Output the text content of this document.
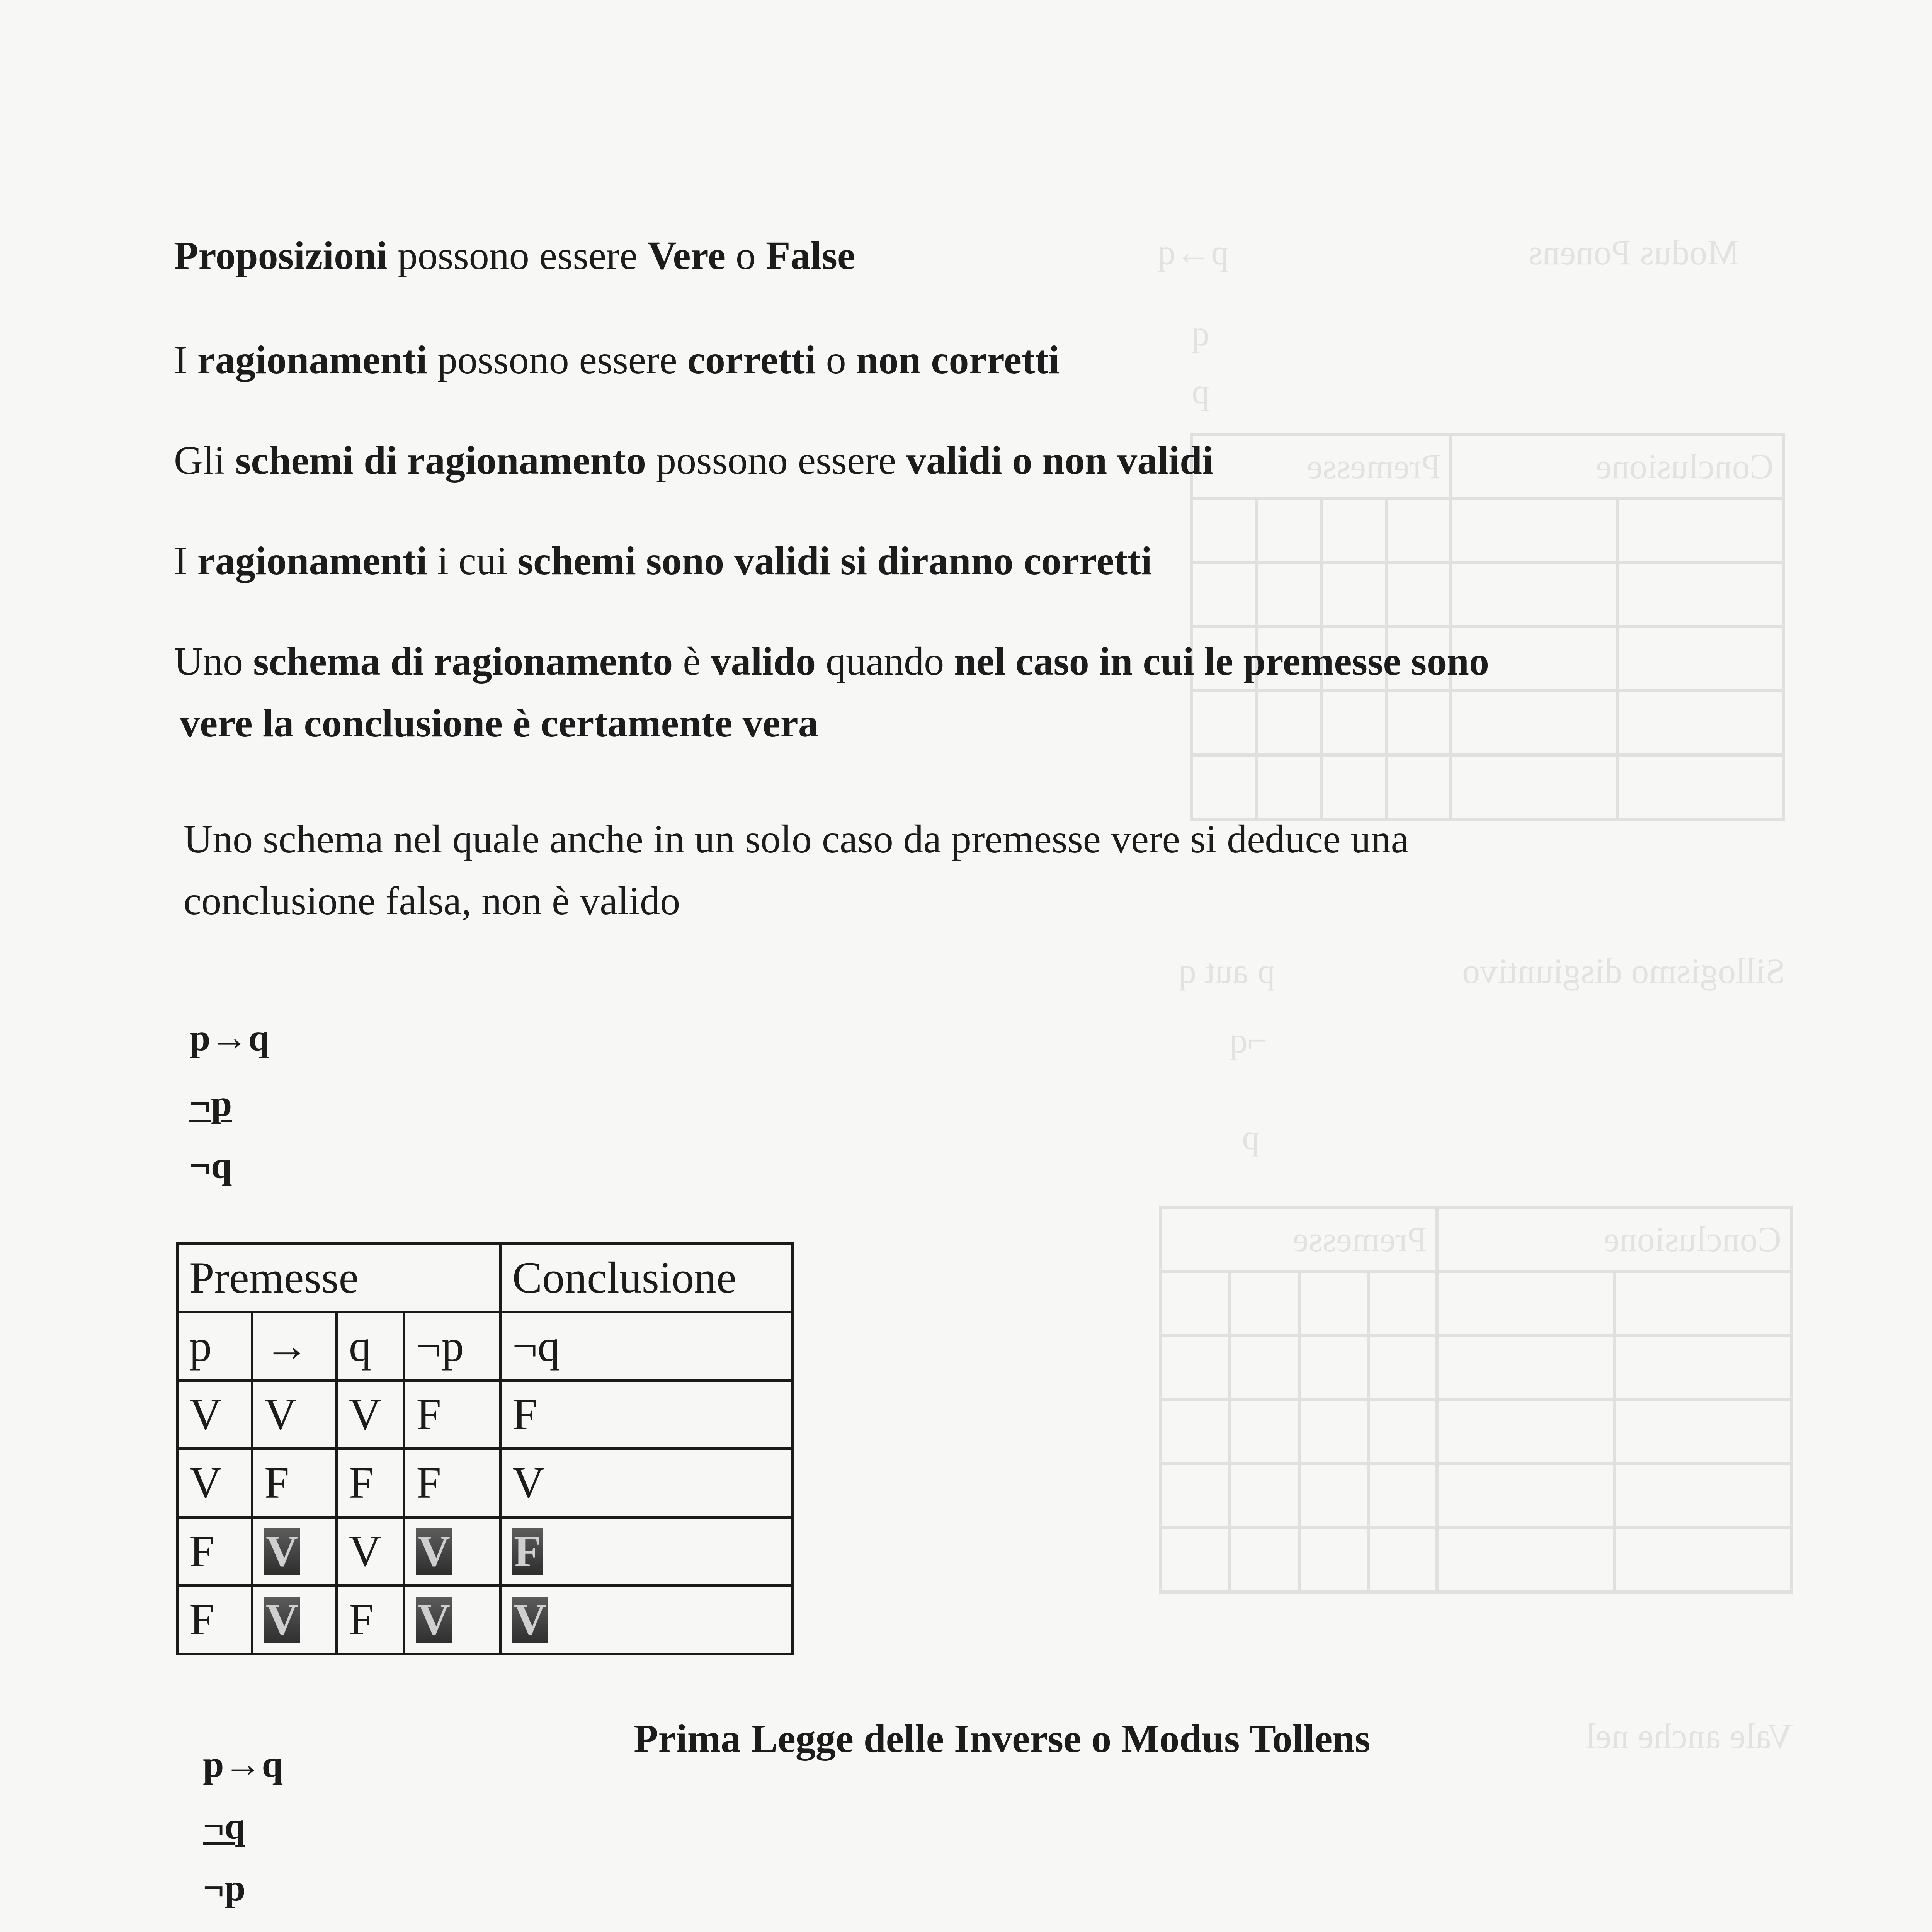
Modus Ponens
p→q
q
p
Conclusione		Premesse			

Sillogismo disgiuntivo
p aut q
¬q
p
Conclusione		Premesse			

Vale anche nel
Proposizioni possono essere Vere o False
I ragionamenti possono essere corretti o non corretti
Gli schemi di ragionamento possono essere validi o non validi
I ragionamenti i cui schemi sono validi si diranno corretti
Uno schema di ragionamento è valido quando nel caso in cui le premesse sono
vere la conclusione è certamente vera
Uno schema nel quale anche in un solo caso da premesse vere si deduce una
conclusione falsa, non è valido
p→q
¬p
¬q
Premesse				Conclusione
p	→	q	¬p	¬q
V	V	V	F	F
V	F	F	F	V
F	V	V	V	F
F	V	F	V	V
p→q
¬q
¬p
Prima Legge delle Inverse o Modus Tollens
